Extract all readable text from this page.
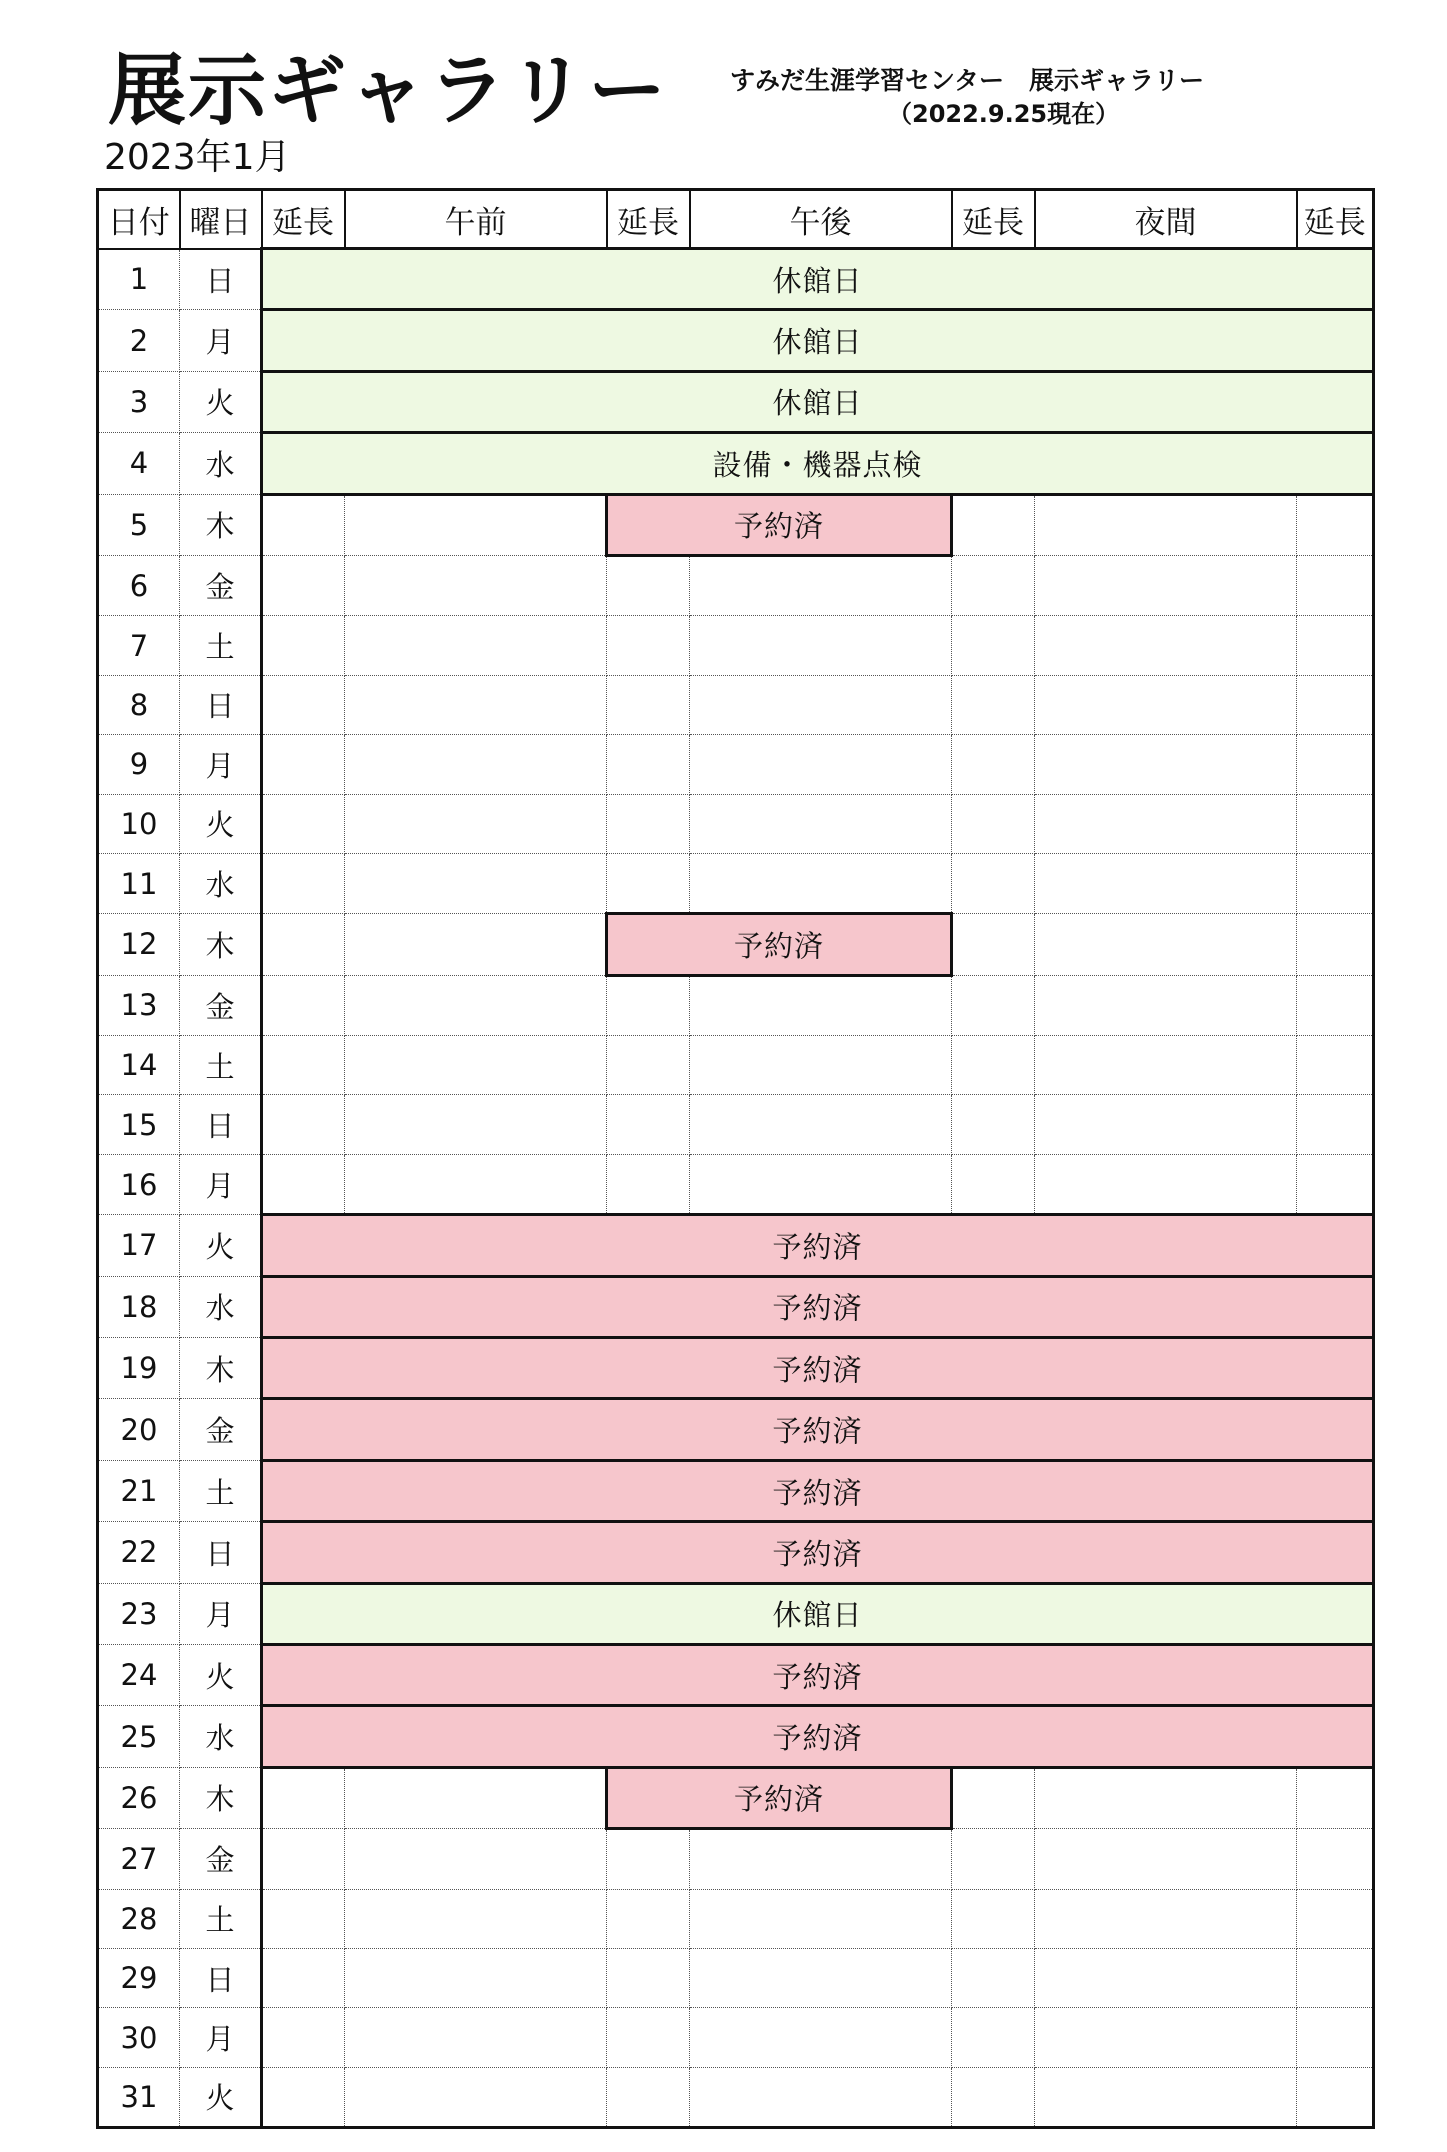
展示ギャラリー すみだ生涯学習センター　展示ギャラリー
（2022.9.25現在）
2023年1月
日付	曜日	延長	午前	延長	午後	延長	夜間	延長
1	日	休館日						
2	月	休館日						
3	火	休館日						
4	水	設備・機器点検						
5	木			予約済				
6	金							
7	土							
8	日							
9	月							
10	火							
11	水							
12	木			予約済				
13	金							
14	土							
15	日							
16	月							
17	火	予約済						
18	水	予約済						
19	木	予約済						
20	金	予約済						
21	土	予約済						
22	日	予約済						
23	月	休館日						
24	火	予約済						
25	水	予約済						
26	木			予約済				
27	金							
28	土							
29	日							
30	月							
31	火							
